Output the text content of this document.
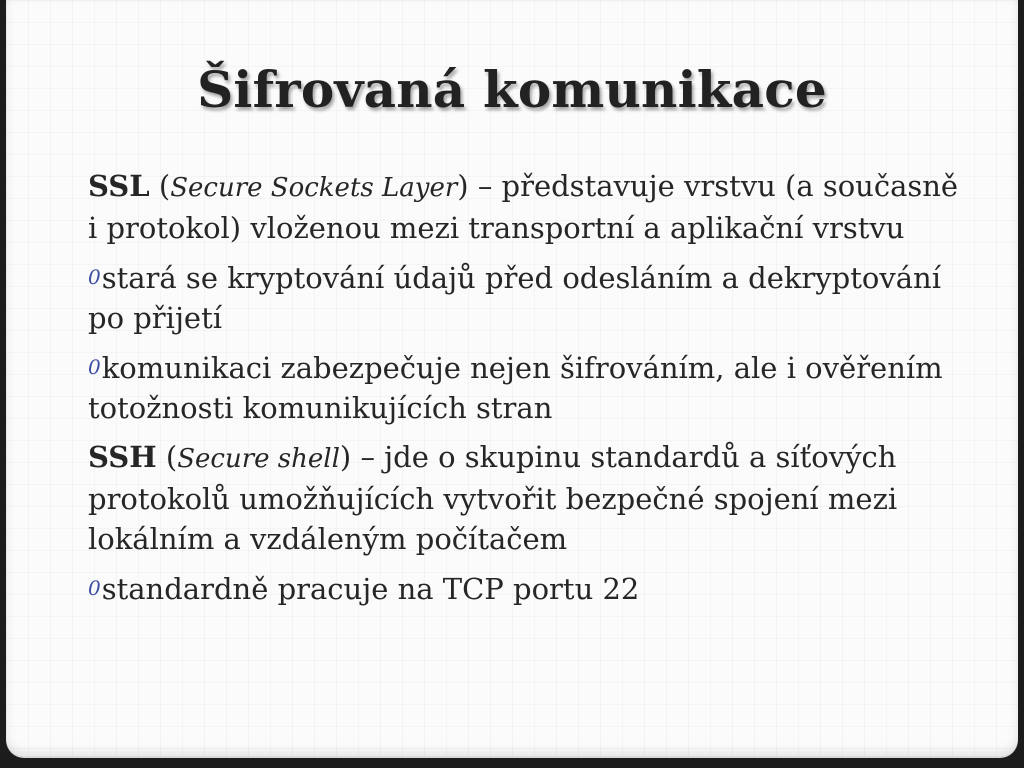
Šifrovaná komunikace

SSL (Secure Sockets Layer) – představuje vrstvu (a současně i protokol) vloženou mezi transportní a aplikační vrstvu

0stará se kryptování údajů před odesláním a dekryptování po přijetí

0komunikaci zabezpečuje nejen šifrováním, ale i ověřením totožnosti komunikujících stran

SSH (Secure shell) – jde o skupinu standardů a síťových protokolů umožňujících vytvořit bezpečné spojení mezi lokálním a vzdáleným počítačem

0standardně pracuje na TCP portu 22
